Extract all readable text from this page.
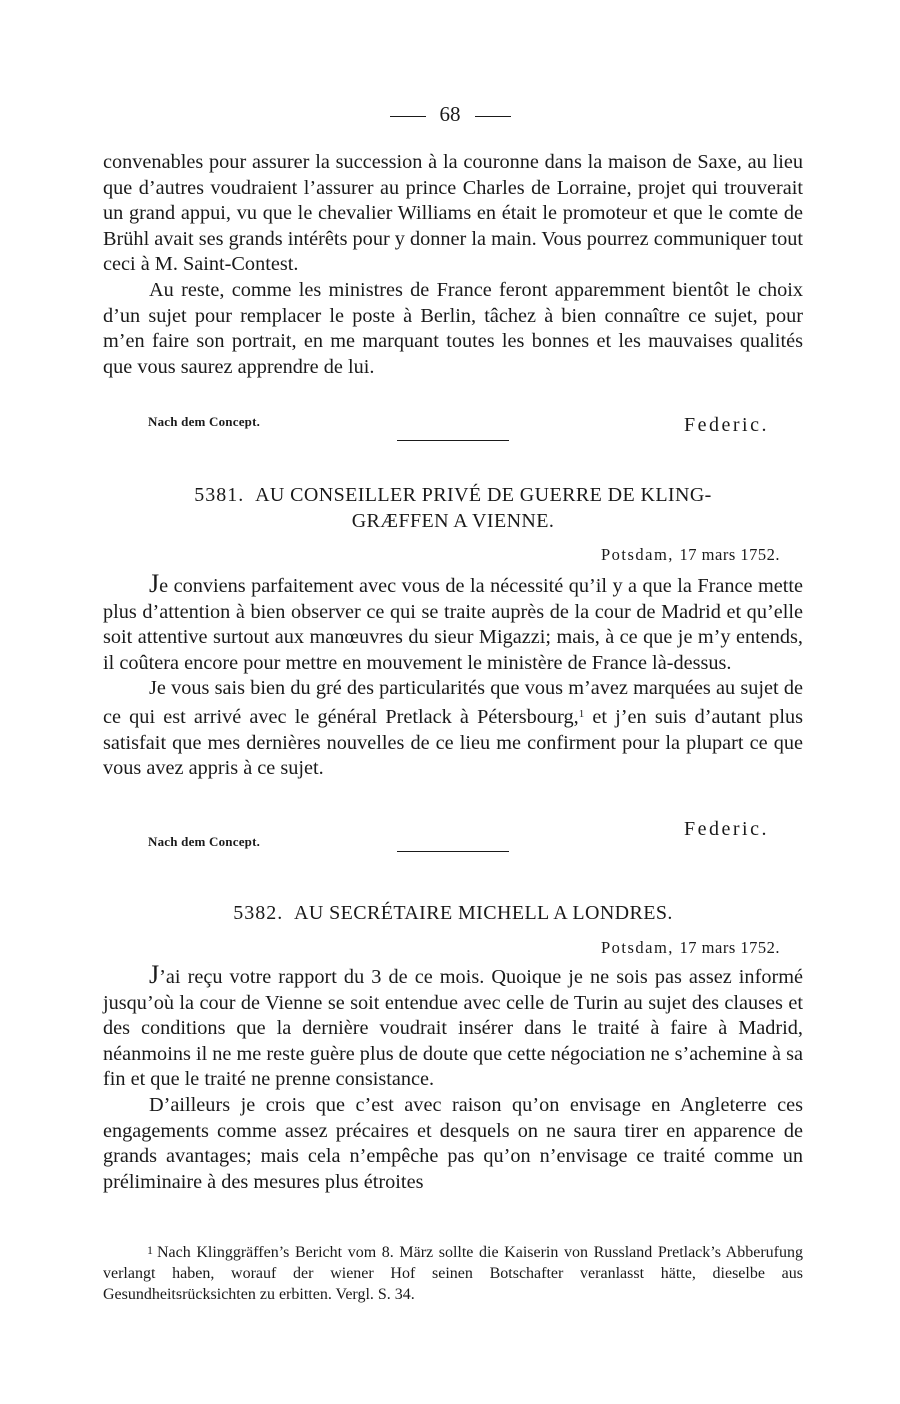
68

convenables pour assurer la succession à la couronne dans la maison de Saxe, au lieu que d’autres voudraient l’assurer au prince Charles de Lorraine, projet qui trouverait un grand appui, vu que le chevalier Williams en était le promoteur et que le comte de Brühl avait ses grands intérêts pour y donner la main. Vous pourrez communiquer tout ceci à M. Saint-Contest.

Au reste, comme les ministres de France feront apparemment bientôt le choix d’un sujet pour remplacer le poste à Berlin, tâchez à bien connaître ce sujet, pour m’en faire son portrait, en me marquant toutes les bonnes et les mauvaises qualités que vous saurez apprendre de lui.

Nach dem Concept.	Federic.
5381. AU CONSEILLER PRIVÉ DE GUERRE DE KLING-
GRÆFFEN A VIENNE.
Potsdam, 17 mars 1752.

Je conviens parfaitement avec vous de la nécessité qu’il y a que la France mette plus d’attention à bien observer ce qui se traite auprès de la cour de Madrid et qu’elle soit attentive surtout aux manœuvres du sieur Migazzi; mais, à ce que je m’y entends, il coûtera encore pour mettre en mouvement le ministère de France là-dessus.

Je vous sais bien du gré des particularités que vous m’avez marquées au sujet de ce qui est arrivé avec le général Pretlack à Pétersbourg,$^1$ et j’en suis d’autant plus satisfait que mes dernières nouvelles de ce lieu me confirment pour la plupart ce que vous avez appris à ce sujet.

Nach dem Concept.
Federic.
5382. AU SECRÉTAIRE MICHELL A LONDRES.
Potsdam, 17 mars 1752.

J’ai reçu votre rapport du 3 de ce mois. Quoique je ne sois pas assez informé jusqu’où la cour de Vienne se soit entendue avec celle de Turin au sujet des clauses et des conditions que la dernière voudrait insérer dans le traité à faire à Madrid, néanmoins il ne me reste guère plus de doute que cette négociation ne s’achemine à sa fin et que le traité ne prenne consistance.

D’ailleurs je crois que c’est avec raison qu’on envisage en Angleterre ces engagements comme assez précaires et desquels on ne saura tirer en apparence de grands avantages; mais cela n’empêche pas qu’on n’envisage ce traité comme un préliminaire à des mesures plus étroites

1 Nach Klinggräffen’s Bericht vom 8. März sollte die Kaiserin von Russland Pretlack’s Abberufung verlangt haben, worauf der wiener Hof seinen Botschafter veranlasst hätte, dieselbe aus Gesundheitsrücksichten zu erbitten. Vergl. S. 34.
